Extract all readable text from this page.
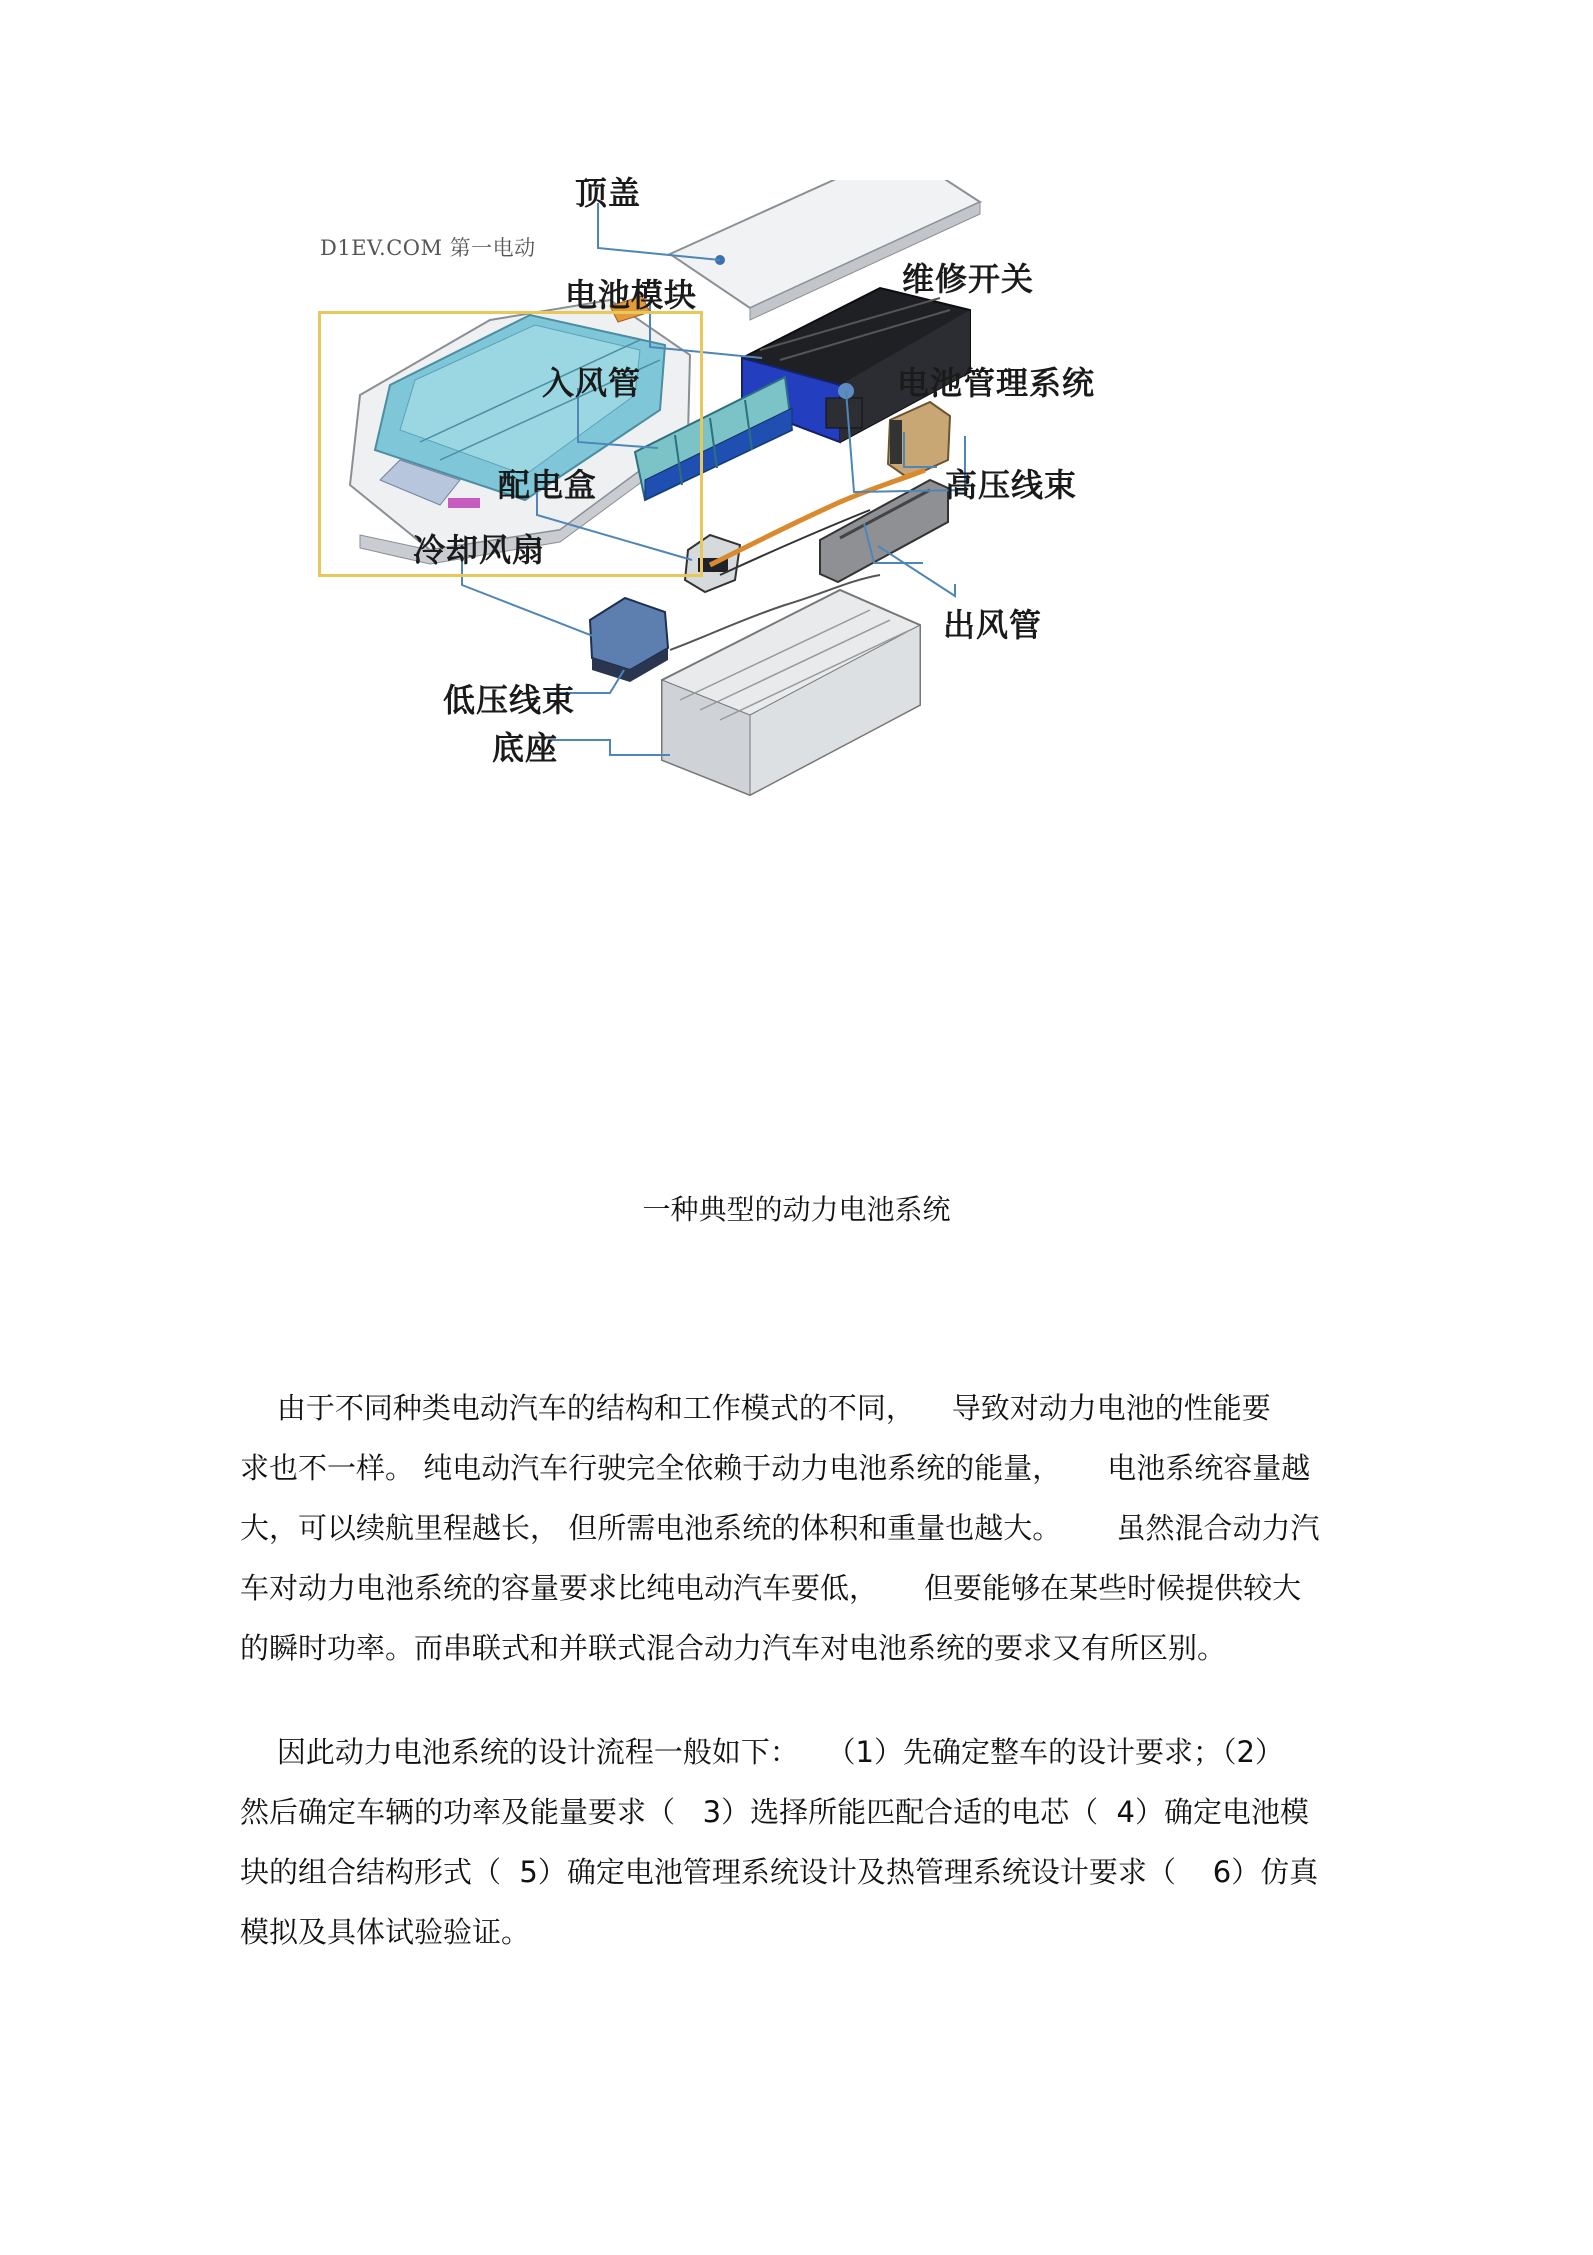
D1EV.COM 第一电动
顶盖
电池模块	维修开关
入风管	电池管理系统
配电盒	高压线束
冷却风扇
出风管
低压线束
底座
一种典型的动力电池系统
由于不同种类电动汽车的结构和工作模式的不同，    导致对动力电池的性能要
求也不一样。 纯电动汽车行驶完全依赖于动力电池系统的能量，     电池系统容量越
大，可以续航里程越长， 但所需电池系统的体积和重量也越大。      虽然混合动力汽
车对动力电池系统的容量要求比纯电动汽车要低，     但要能够在某些时候提供较大
的瞬时功率。而串联式和并联式混合动力汽车对电池系统的要求又有所区别。
因此动力电池系统的设计流程一般如下：   （1）先确定整车的设计要求；（2）
然后确定车辆的功率及能量要求（   3）选择所能匹配合适的电芯（  4）确定电池模
块的组合结构形式（  5）确定电池管理系统设计及热管理系统设计要求（    6）仿真
模拟及具体试验验证。
